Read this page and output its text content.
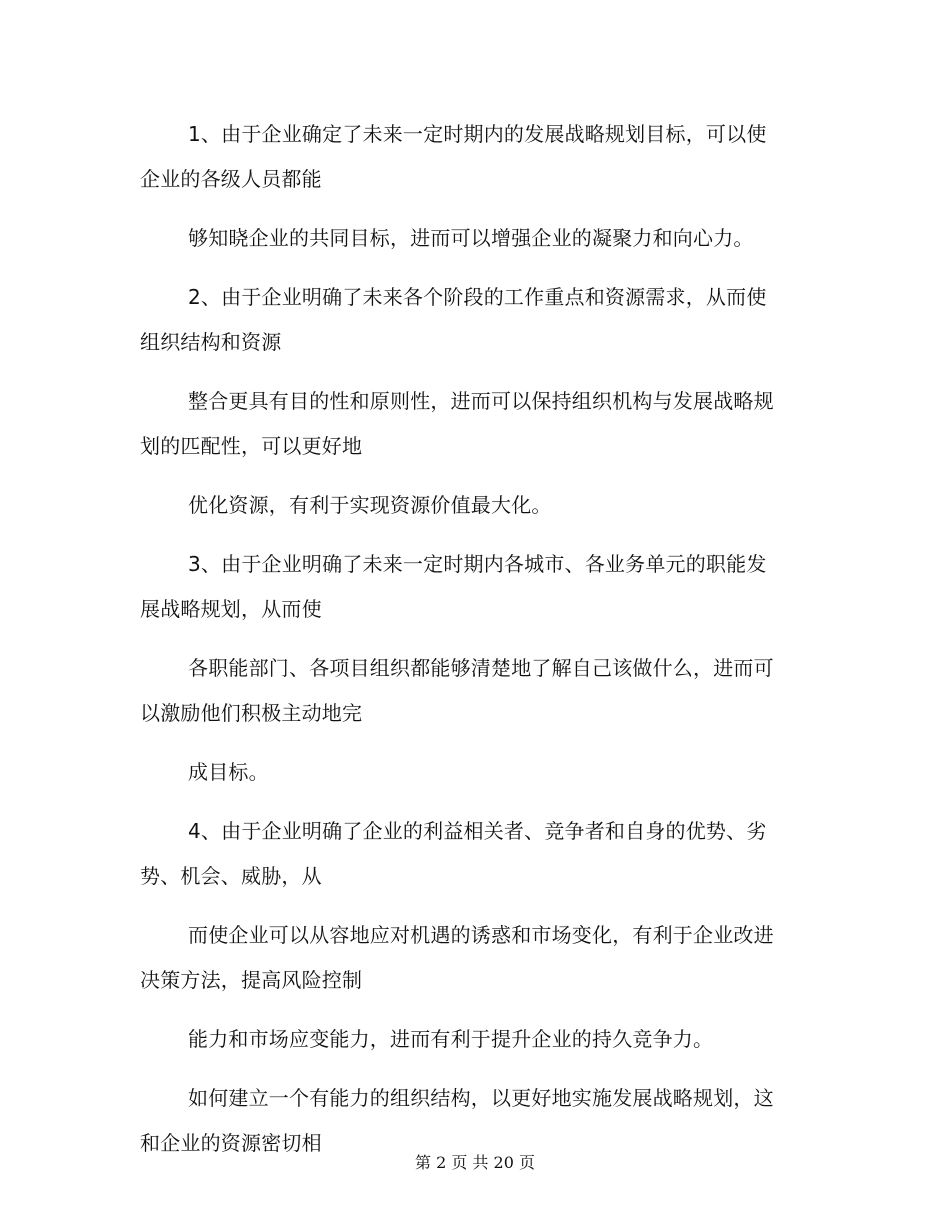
1、由于企业确定了未来一定时期内的发展战略规划目标，可以使企业的各级人员都能

够知晓企业的共同目标，进而可以增强企业的凝聚力和向心力。

2、由于企业明确了未来各个阶段的工作重点和资源需求，从而使组织结构和资源

整合更具有目的性和原则性，进而可以保持组织机构与发展战略规划的匹配性，可以更好地

优化资源，有利于实现资源价值最大化。

3、由于企业明确了未来一定时期内各城市、各业务单元的职能发展战略规划，从而使

各职能部门、各项目组织都能够清楚地了解自己该做什么，进而可以激励他们积极主动地完

成目标。

4、由于企业明确了企业的利益相关者、竞争者和自身的优势、劣势、机会、威胁，从

而使企业可以从容地应对机遇的诱惑和市场变化，有利于企业改进决策方法，提高风险控制

能力和市场应变能力，进而有利于提升企业的持久竞争力。

如何建立一个有能力的组织结构，以更好地实施发展战略规划，这和企业的资源密切相

第 2 页 共 20 页
